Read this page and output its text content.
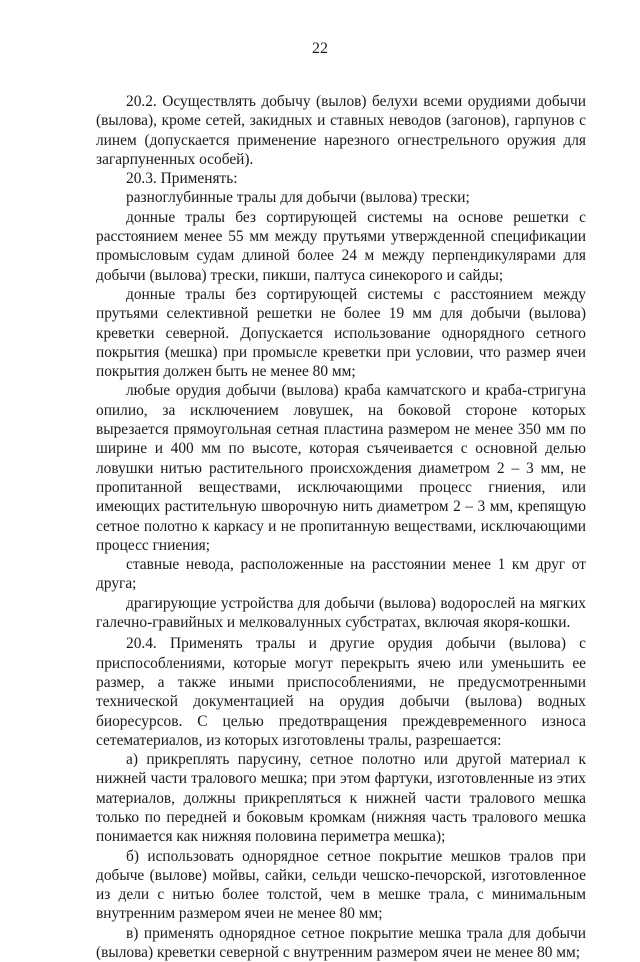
22

20.2. Осуществлять добычу (вылов) белухи всеми орудиями добычи (вылова), кроме сетей, закидных и ставных неводов (загонов), гарпунов с линем (допускается применение нарезного огнестрельного оружия для загарпуненных особей).

20.3. Применять:

разноглубинные тралы для добычи (вылова) трески;

донные тралы без сортирующей системы на основе решетки с расстоянием менее 55 мм между прутьями утвержденной спецификации промысловым судам длиной более 24 м между перпендикулярами для добычи (вылова) трески, пикши, палтуса синекорого и сайды;

донные тралы без сортирующей системы с расстоянием между прутьями селективной решетки не более 19 мм для добычи (вылова) креветки северной. Допускается использование однорядного сетного покрытия (мешка) при промысле креветки при условии, что размер ячеи покрытия должен быть не менее 80 мм;

любые орудия добычи (вылова) краба камчатского и краба-стригуна опилио, за исключением ловушек, на боковой стороне которых вырезается прямоугольная сетная пластина размером не менее 350 мм по ширине и 400 мм по высоте, которая съячеивается с основной делью ловушки нитью растительного происхождения диаметром 2 – 3 мм, не пропитанной веществами, исключающими процесс гниения, или имеющих растительную шворочную нить диаметром 2 – 3 мм, крепящую сетное полотно к каркасу и не пропитанную веществами, исключающими процесс гниения;

ставные невода, расположенные на расстоянии менее 1 км друг от друга;

драгирующие устройства для добычи (вылова) водорослей на мягких галечно-гравийных и мелковалунных субстратах, включая якоря-кошки.

20.4. Применять тралы и другие орудия добычи (вылова) с приспособлениями, которые могут перекрыть ячею или уменьшить ее размер, а также иными приспособлениями, не предусмотренными технической документацией на орудия добычи (вылова) водных биоресурсов. С целью предотвращения преждевременного износа сетематериалов, из которых изготовлены тралы, разрешается:

а) прикреплять парусину, сетное полотно или другой материал к нижней части тралового мешка; при этом фартуки, изготовленные из этих материалов, должны прикрепляться к нижней части тралового мешка только по передней и боковым кромкам (нижняя часть тралового мешка понимается как нижняя половина периметра мешка);

б) использовать однорядное сетное покрытие мешков тралов при добыче (вылове) мойвы, сайки, сельди чешско-печорской, изготовленное из дели с нитью более толстой, чем в мешке трала, с минимальным внутренним размером ячеи не менее 80 мм;

в) применять однорядное сетное покрытие мешка трала для добычи (вылова) креветки северной с внутренним размером ячеи не менее 80 мм;
